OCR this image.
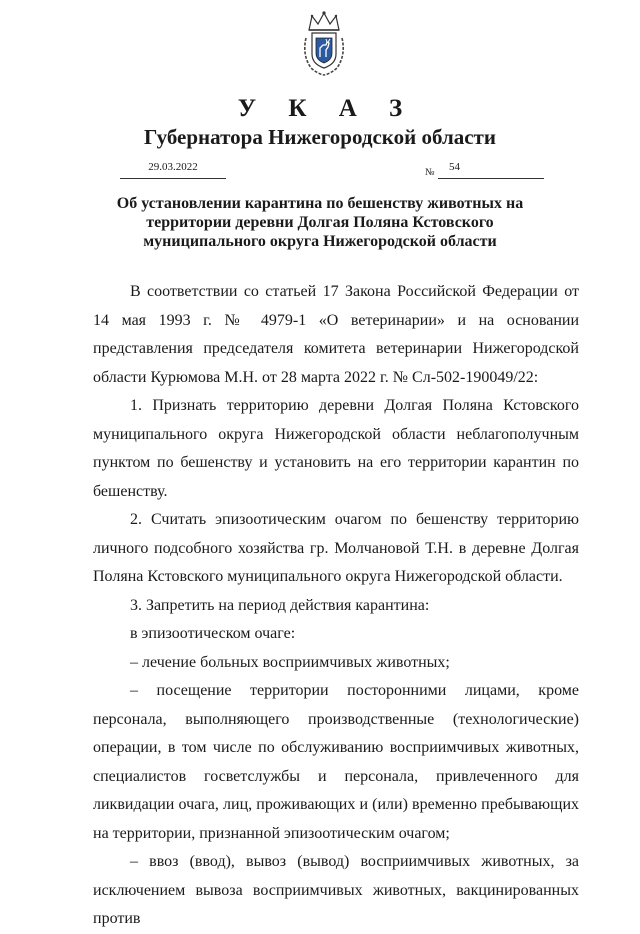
У К А З
Губернатора Нижегородской области
29.03.2022	№	54
Об установлении карантина по бешенству животных на
территории деревни Долгая Поляна Кстовского
муниципального округа Нижегородской области

В соответствии со статьей 17 Закона Российской Федерации от 14 мая 1993 г. № 4979-1 «О ветеринарии» и на основании представления председателя комитета ветеринарии Нижегородской области Курюмова М.Н. от 28 марта 2022 г. № Сл-502-190049/22:

1. Признать территорию деревни Долгая Поляна Кстовского муниципального округа Нижегородской области неблагополучным пунктом по бешенству и установить на его территории карантин по бешенству.

2. Считать эпизоотическим очагом по бешенству территорию личного подсобного хозяйства гр. Молчановой Т.Н. в деревне Долгая Поляна Кстовского муниципального округа Нижегородской области.

3. Запретить на период действия карантина:

в эпизоотическом очаге:

– лечение больных восприимчивых животных;

– посещение территории посторонними лицами, кроме персонала, выполняющего производственные (технологические) операции, в том числе по обслуживанию восприимчивых животных, специалистов госветслужбы и персонала, привлеченного для ликвидации очага, лиц, проживающих и (или) временно пребывающих на территории, признанной эпизоотическим очагом;

– ввоз (ввод), вывоз (вывод) восприимчивых животных, за исключением вывоза восприимчивых животных, вакцинированных против
